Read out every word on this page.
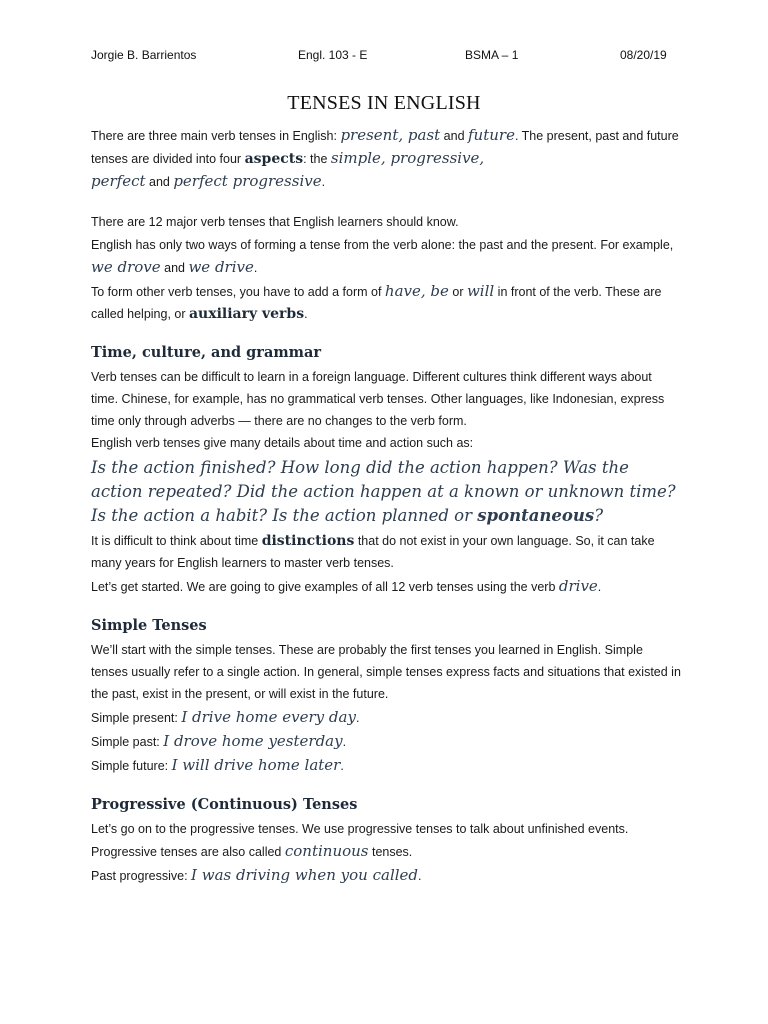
Jorgie B. Barrientos	Engl. 103 - E	BSMA – 1	08/20/19
TENSES IN ENGLISH

There are three main verb tenses in English: present, past and future. The present, past and future tenses are divided into four aspects: the simple, progressive,
perfect and perfect progressive.

There are 12 major verb tenses that English learners should know.

English has only two ways of forming a tense from the verb alone: the past and the present. For example, we drove and we drive.

To form other verb tenses, you have to add a form of have, be or will in front of the verb. These are called helping, or auxiliary verbs.

Time, culture, and grammar

Verb tenses can be difficult to learn in a foreign language. Different cultures think different ways about time. Chinese, for example, has no grammatical verb tenses. Other languages, like Indonesian, express time only through adverbs — there are no changes to the verb form.

English verb tenses give many details about time and action such as:

Is the action finished? How long did the action happen? Was the action repeated? Did the action happen at a known or unknown time? Is the action a habit? Is the action planned or spontaneous?

It is difficult to think about time distinctions that do not exist in your own language. So, it can take many years for English learners to master verb tenses.

Let’s get started. We are going to give examples of all 12 verb tenses using the verb drive.

Simple Tenses

We’ll start with the simple tenses. These are probably the first tenses you learned in English. Simple tenses usually refer to a single action. In general, simple tenses express facts and situations that existed in the past, exist in the present, or will exist in the future.

Simple present: I drive home every day.

Simple past: I drove home yesterday.

Simple future: I will drive home later.

Progressive (Continuous) Tenses

Let’s go on to the progressive tenses. We use progressive tenses to talk about unfinished events.

Progressive tenses are also called continuous tenses.

Past progressive: I was driving when you called.
